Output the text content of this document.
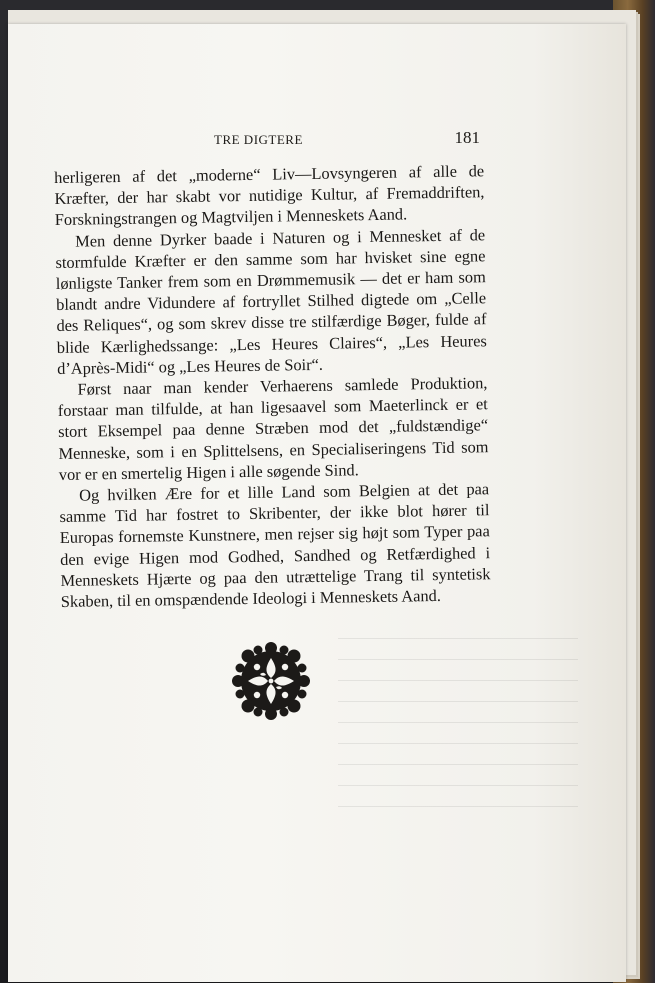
TRE DIGTERE	181

herligeren af det „moderne“ Liv—Lovsyngeren af alle de Kræfter, der har skabt vor nutidige Kultur, af Fremaddriften, Forskningstrangen og Magtviljen i Menneskets Aand.

Men denne Dyrker baade i Naturen og i Mennesket af de stormfulde Kræfter er den samme som har hvisket sine egne lønligste Tanker frem som en Drømmemusik — det er ham som blandt andre Vidundere af fortryllet Stilhed digtede om „Celle des Reliques“, og som skrev disse tre stilfærdige Bøger, fulde af blide Kærlighedssange: „Les Heures Claires“, „Les Heures d’Après-Midi“ og „Les Heures de Soir“.

Først naar man kender Verhaerens samlede Produktion, forstaar man tilfulde, at han ligesaavel som Maeterlinck er et stort Eksempel paa denne Stræben mod det „fuldstændige“ Menneske, som i en Splittelsens, en Specialiseringens Tid som vor er en smertelig Higen i alle søgende Sind.

Og hvilken Ære for et lille Land som Belgien at det paa samme Tid har fostret to Skribenter, der ikke blot hører til Europas fornemste Kunstnere, men rejser sig højt som Typer paa den evige Higen mod Godhed, Sandhed og Retfærdighed i Menneskets Hjærte og paa den utrættelige Trang til syntetisk Skaben, til en omspændende Ideologi i Menneskets Aand.
